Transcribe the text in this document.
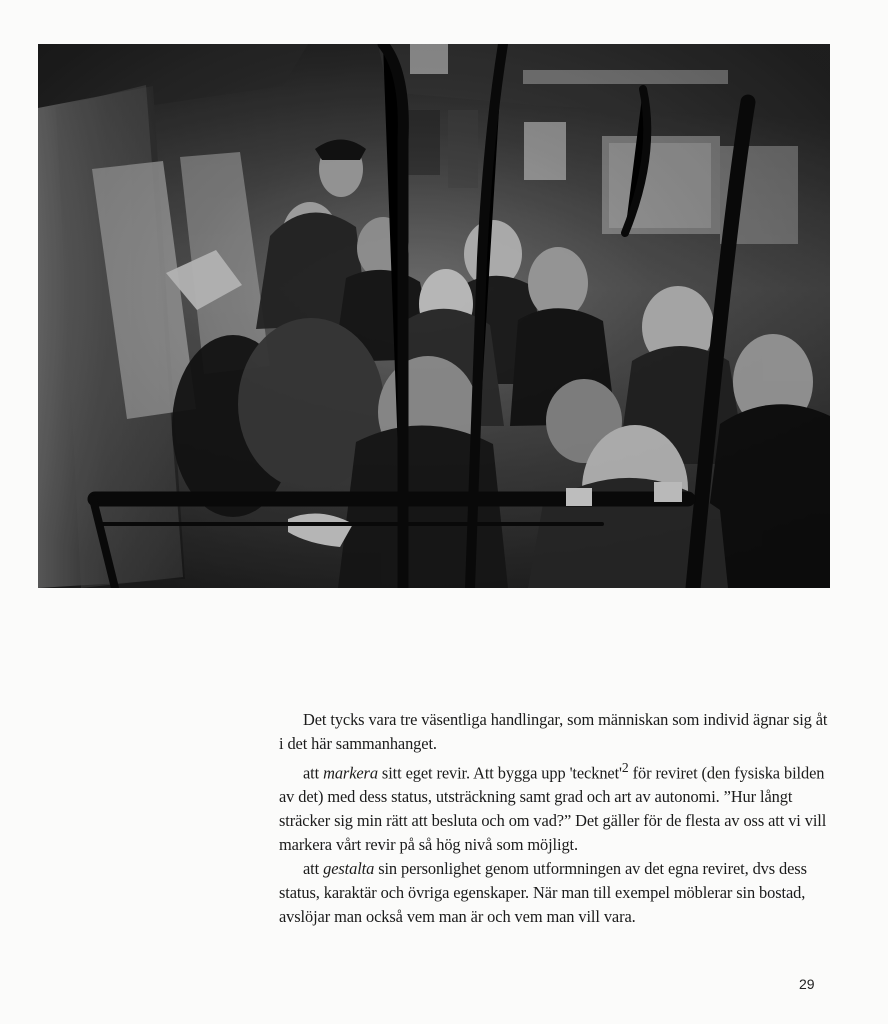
Det tycks vara tre väsentliga handlingar, som människan som individ ägnar sig åt i det här sammanhanget.

att markera sitt eget revir. Att bygga upp '$tecknet'^2$ för reviret (den fysiska bilden av det) med dess status, utsträckning samt grad och art av autonomi. ”Hur långt sträcker sig min rätt att besluta och om vad?” Det gäller för de flesta av oss att vi vill markera vårt revir på så hög nivå som möjligt.

att gestalta sin personlighet genom utformningen av det egna reviret, dvs dess status, karaktär och övriga egenskaper. När man till exempel möblerar sin bostad, avslöjar man också vem man är och vem man vill vara.

29
